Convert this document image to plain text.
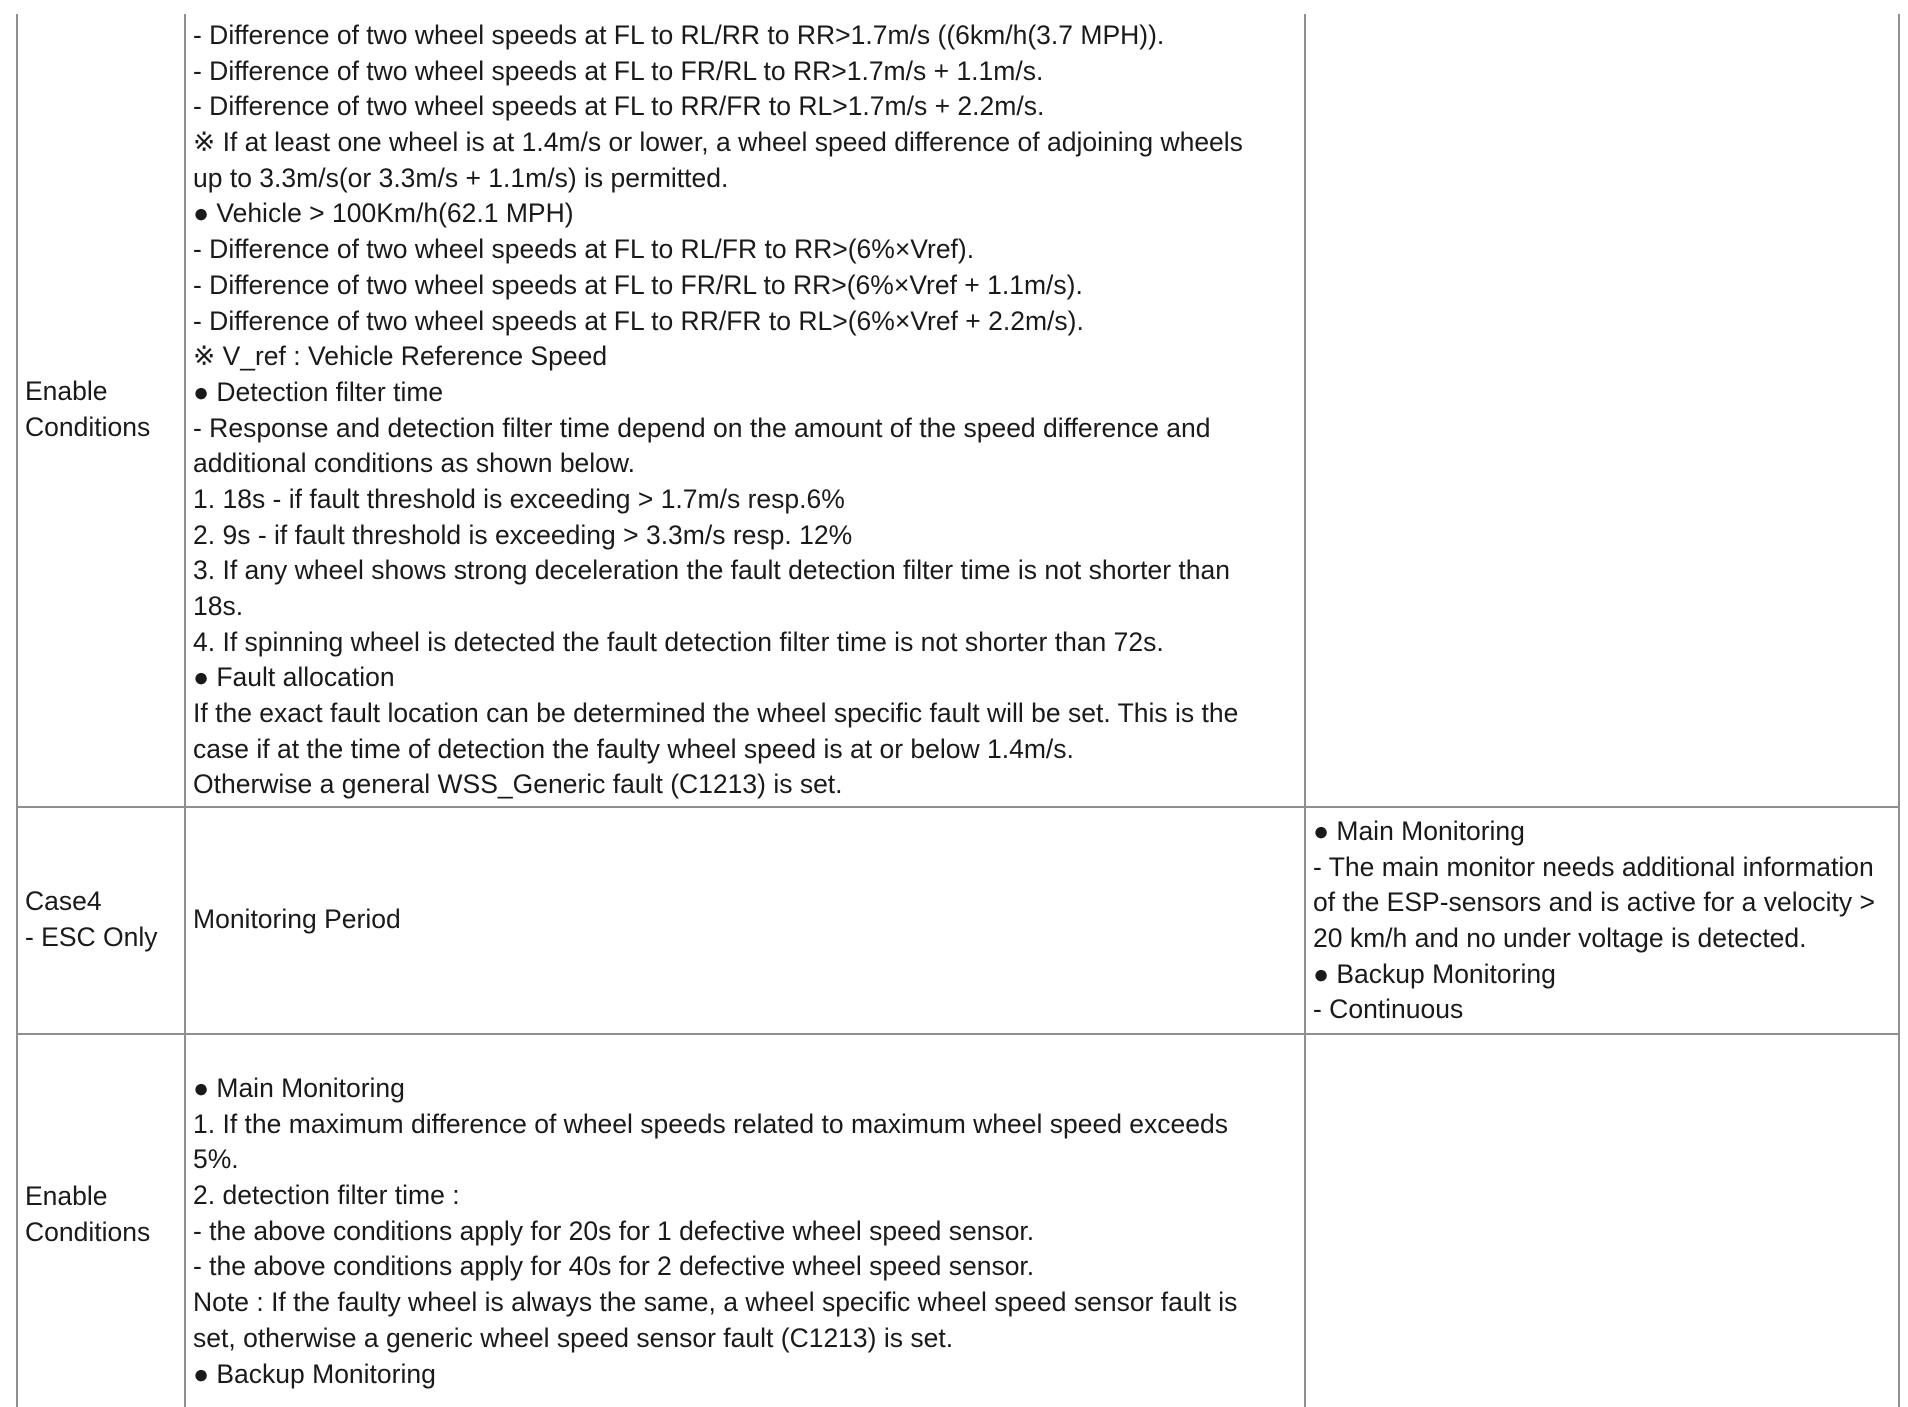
Enable
Conditions
- Difference of two wheel speeds at FL to RL/RR to RR>1.7m/s ((6km/h(3.7 MPH)).
- Difference of two wheel speeds at FL to FR/RL to RR>1.7m/s + 1.1m/s.
- Difference of two wheel speeds at FL to RR/FR to RL>1.7m/s + 2.2m/s.
※ If at least one wheel is at 1.4m/s or lower, a wheel speed difference of adjoining wheels
up to 3.3m/s(or 3.3m/s + 1.1m/s) is permitted.
● Vehicle > 100Km/h(62.1 MPH)
- Difference of two wheel speeds at FL to RL/FR to RR>(6%×Vref).
- Difference of two wheel speeds at FL to FR/RL to RR>(6%×Vref + 1.1m/s).
- Difference of two wheel speeds at FL to RR/FR to RL>(6%×Vref + 2.2m/s).
※ V_ref : Vehicle Reference Speed
● Detection filter time
- Response and detection filter time depend on the amount of the speed difference and
additional conditions as shown below.
1. 18s - if fault threshold is exceeding > 1.7m/s resp.6%
2. 9s - if fault threshold is exceeding > 3.3m/s resp. 12%
3. If any wheel shows strong deceleration the fault detection filter time is not shorter than
18s.
4. If spinning wheel is detected the fault detection filter time is not shorter than 72s.
● Fault allocation
If the exact fault location can be determined the wheel specific fault will be set. This is the
case if at the time of detection the faulty wheel speed is at or below 1.4m/s.
Otherwise a general WSS_Generic fault (C1213) is set.
Case4
- ESC Only
Monitoring Period
● Main Monitoring
- The main monitor needs additional information
of the ESP-sensors and is active for a velocity >
20 km/h and no under voltage is detected.
● Backup Monitoring
- Continuous
Enable
Conditions
● Main Monitoring
1. If the maximum difference of wheel speeds related to maximum wheel speed exceeds
5%.
2. detection filter time :
- the above conditions apply for 20s for 1 defective wheel speed sensor.
- the above conditions apply for 40s for 2 defective wheel speed sensor.
Note : If the faulty wheel is always the same, a wheel specific wheel speed sensor fault is
set, otherwise a generic wheel speed sensor fault (C1213) is set.
● Backup Monitoring
